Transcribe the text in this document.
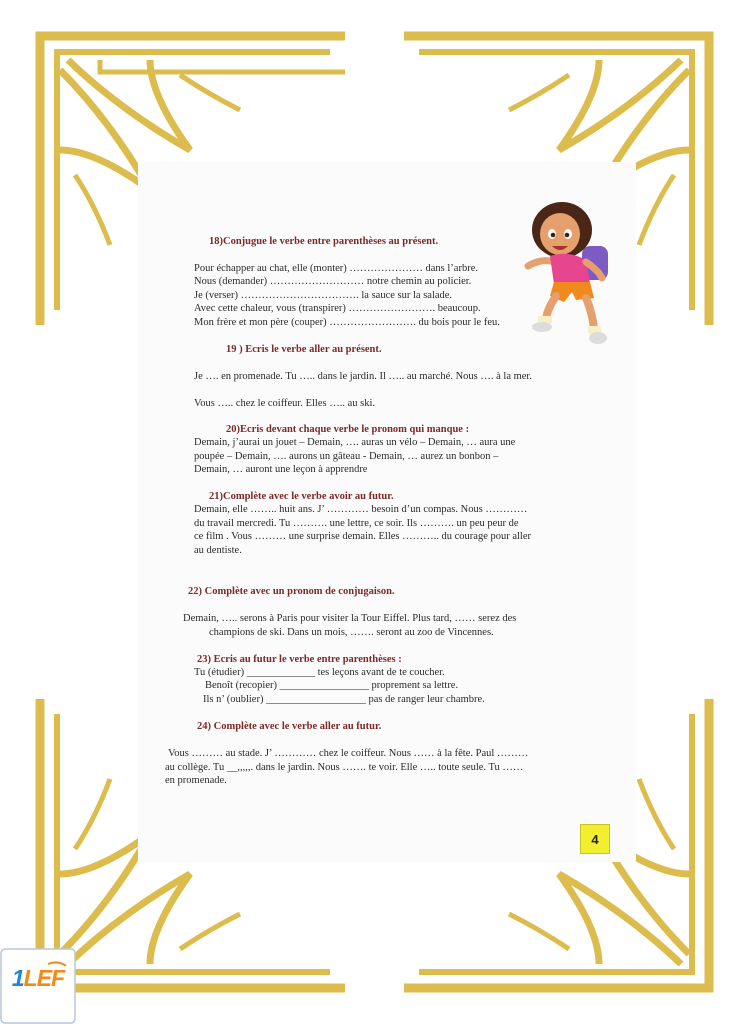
18)Conjugue le verbe entre parenthèses au présent.
Pour échapper au chat, elle (monter) ………………… dans l’arbre.
Nous (demander) ……………………… notre chemin au policier.
Je (verser) ……………………………. la sauce sur la salade.
Avec cette chaleur, vous (transpirer) ……………………. beaucoup.
Mon frère et mon père (couper) ……………………. du bois pour le feu.
19 ) Ecris le verbe aller au présent.
Je …. en promenade. Tu ….. dans le jardin. Il ….. au marché. Nous …. à la mer.
Vous ….. chez le coiffeur. Elles ….. au ski.
20)Ecris devant chaque verbe le pronom qui manque :
Demain, j’aurai un jouet – Demain, …. auras un vélo – Demain, … aura une
poupée – Demain, …. aurons un gâteau - Demain, … aurez un bonbon –
Demain, … auront une leçon à apprendre
21)Complète avec le verbe avoir au futur.
Demain, elle …….. huit ans. J’ ………… besoin d’un compas. Nous …………
du travail mercredi. Tu ………. une lettre, ce soir. Ils ………. un peu peur de
ce film . Vous ……… une surprise demain. Elles ……….. du courage pour aller
au dentiste.
22) Complète avec un pronom de conjugaison.
Demain, ….. serons à Paris pour visiter la Tour Eiffel. Plus tard, …… serez des
champions de ski. Dans un mois, ……. seront au zoo de Vincennes.
23) Ecris au futur le verbe entre parenthèses :
Tu (étudier) _____________ tes leçons avant de te coucher.
Benoît (recopier) _________________ proprement sa lettre.
Ils n’ (oublier) ___________________ pas de ranger leur chambre.
24) Complète avec le verbe aller au futur.
Vous ……… au stade. J’ ………… chez le coiffeur. Nous …… à la fête. Paul ………
au collège. Tu __,,,,,. dans le jardin. Nous ……. te voir. Elle ….. toute seule. Tu ……
en promenade.
4
1LEF
